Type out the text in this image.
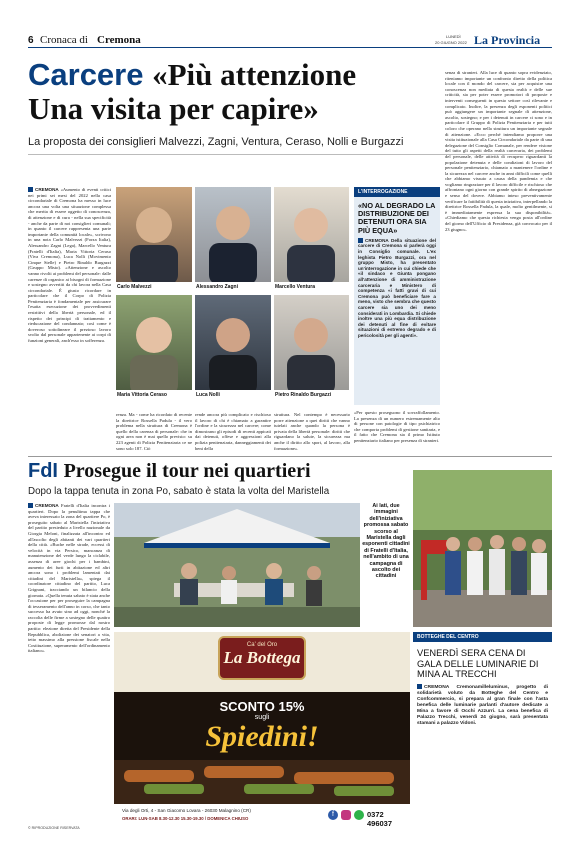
6 Cronaca di Cremona	LUNEDÌ
20 GIUGNO 2022 La Provincia
Carcere «Più attenzione
Una visita per capire»
La proposta dei consiglieri Malvezzi, Zagni, Ventura, Ceraso, Nolli e Burgazzi
CREMONA «Aumento di eventi critici nei primi sei mesi del 2022 nella casa circondariale di Cremona ha messo in luce ancora una volta una situazione complessa che merita di essere oggetto di conoscenza, di attenzione e di cura - nella sua specificità - anche da parte di noi consiglieri comunali; in quanto il carcere rappresenta una parte importante della comunità locale», scrivono in una nota Carlo Malvezzi (Forza Italia), Alessandro Zagni (Lega), Marcello Ventura (Fratelli d'Italia), Maria Vittoria Ceraso (Viva Cremona), Luca Nolli (Movimento Cinque Stelle) e Pietro Rinaldo Burgazzi (Gruppo Misto). «Attenzione e ascolto vanno rivolti ai problemi del personale: dalle carenze di organico ai bisogni di formazione e sostegno avvertiti da chi lavora nella Casa circondariale. È giusto ricordare in particolare che il Corpo di Polizia Penitenziaria è fondamentale per assicurare l'esatta esecuzione dei provvedimenti restrittivi della libertà personale, ed il rispetto dei principi di trattamento e rieducazione del condannato; così come è doveroso sottolineare il prezioso lavoro svolto dal personale appartenente ai corpi di funzioni generali, anch'esso in sofferenza.
Carlo Malvezzi	Alessandro Zagni	Marcello Ventura
Maria Vittoria Ceraso	Luca Nolli	Pietro Rinaldo Burgazzi
renza. Ma - come ha ricordato di recente la direttrice Rossella Padula - il vero problema nella struttura di Cremona è quello della carenza di personale: che in ogni area non è mai quello previsto: su 223 agenti di Polizia Penitenziaria ce ne sono solo 187. Ciò
rende ancora più complicato e rischioso il lavoro di chi è chiamato a garantire l'ordine e la sicurezza nel carcere; come dimostrano gli episodi di recenti appicati dai detenuti, offese e aggressioni alla polizia penitenziaria, danneggiamenti dei beni della
struttura. Nel contempo è necessario porre attenzione a quei diritti che vanno tutelati anche quando la persona è privata della libertà personale: diritti che riguardano la salute, la sicurezza ma anche il diritto allo sport, al lavoro, alla formazione».
L'INTERROGAZIONE
«NO AL DEGRADO LA DISTRIBUZIONE DEI DETENUTI ORA SIA PIÙ EQUA»
CREMONA Della situazione del carcere di Cremona si parlerà oggi in Consiglio comunale. L'ex leghista Pietro Burgazzi, ora nel gruppo Misto, ha presentato un'interrogazione in cui chiede che «il sindaco e Giunta pongano all'attenzione di amministrazione carceraria e Ministero di competenza «i fatti gravi di cui Cremona può beneficiare fare a meno, visto che sembra che questo carcere sia uno dei meno considerati in Lombardia. Si chiede inoltre una più equa distribuzione dei detenuti al fine di evitare situazioni di estremo degrado e di pericolosità per gli agenti».
«Per questo proseguono il sovraffollamento. La presenza di un numero estremamente alto di persone con patologie di tipo psichiatrico che comporta problemi di gestione sanitaria, e il fatto che Cremona sia il primo Istituto penitenziario italiano per presenza di stranieri.
senza di stranieri. Alla luce di quanto sopra evidenziato, riteniamo importante un confronto diretto della politica locale con il mondo del carcere, sia per acquisire una conoscenza non mediata di questa realtà e delle sue criticità, sia per poter essere promotori di proposte e interventi conseguenti in questo settore così rilevante e complicato. Inoltre, la presenza degli esponenti politici può aggiungere un importante segnale di attenzione, ascolto, sostegno; e per i detenuti in carcere ci sono e in particolare il Gruppo di Polizia Penitenziaria e per tutti coloro che operano nella struttura un importante segnale di attenzione. «Ecco perché intendiamo proporre una visita istituzionale alla Casa Circondariale da parte di una delegazione del Consiglio Comunale, per rendere visione del tutto gli aspetti della realtà carceraria, dei problemi del personale, delle attività di recupero riguardanti la popolazione detenuta e delle condizioni di lavoro del personale penitenziario, chiamato a mantenere l'ordine e la sicurezza nel carcere anche in anni difficili come quelli che abbiamo vissuto a causa della pandemia e che vogliamo ringraziare per il lavoro difficile e rischioso che affrontano ogni giorno con grande spirito di abnegazione e senso del dovere. Abbiamo inteso preventivamente verificare la fattibilità di questa iniziativa, interpellando la direttrice Rossella Padula, la quale, molto gentilmente, si è immediatamente espressa la sua disponibilità». «Chiediamo che questa richiesta venga posta all'ordine del giorno dell'Ufficio di Presidenza, già convocato per il 23 giugno».
FdI Prosegue il tour nei quartieri
Dopo la tappa tenuta in zona Po, sabato è stata la volta del Maristella
CREMONA Fratelli d'Italia incontra i quartieri. Dopo la penultima tappa che aveva interessato la zona del quartiere Po, è proseguito sabato al Maristella l'iniziativa del partito presieduto a livello nazionale da Giorgia Meloni, finalizzata all'incontro ed all'ascolto degli abitanti dei vari quartieri della città. «Buche nelle strade, eccessi di velocità in via Persico, mancanza di manutenzione del verde lungo la ciclabile, assenza di aree giochi per i bambini, aumento dei furti in abitazione ed altri ancora sono i problemi lamentati dai cittadini del Maristella», spiega il coordinatore cittadino del partito, Luca Grignani, tracciando un bilancio della giornata. «Quella tenuta sabato è stata anche l'occasione per per proseguire la campagna di tesseramento dell'anno in corso, che tanto successo ha avuto sino ad oggi, nonché la raccolta delle firme a sostegno delle quattro proposte di legge promosse dal nostro partito: elezione diretta del Presidente della Repubblica, abolizione dei senatori a vita, tetto massimo alla pressione fiscale nella Costituzione, superamento dell'ordinamento italiano».
© RIPRODUZIONE RISERVATA
Ai lati, due immagini dell'iniziativa promossa sabato scorso al Maristella dagli esponenti cittadini di Fratelli d'Italia, nell'ambito di una campagna di ascolto dei cittadini
Ca' del Oro
La Bottega
SCONTO 15%
sugli
Spiedini!
Via degli Orti, 4 - San Giacomo Lovara - 26030 Malagnino (CR)
ORARI: LUN-SAB 8.30-12.30 15.30-19.30 / DOMENICA CHIUSO
f	0372 496037
BOTTEGHE DEL CENTRO
VENERDÌ SERA CENA DI GALA DELLE LUMINARIE DI MINA AL TRECCHI
CREMONA Cremonamilleluminus, progetto di solidarietà voluto da Botteghe del Centro e Confcommercio, si prepara al gran finale con l'asta benefica delle luminarie parlanti d'autore dedicate a Mina a favore di Occhi Azzurri. La cena benefica di Palazzo Trecchi, venerdì 24 giugno, sarà presentata stamani a palazzo Vidoni.
